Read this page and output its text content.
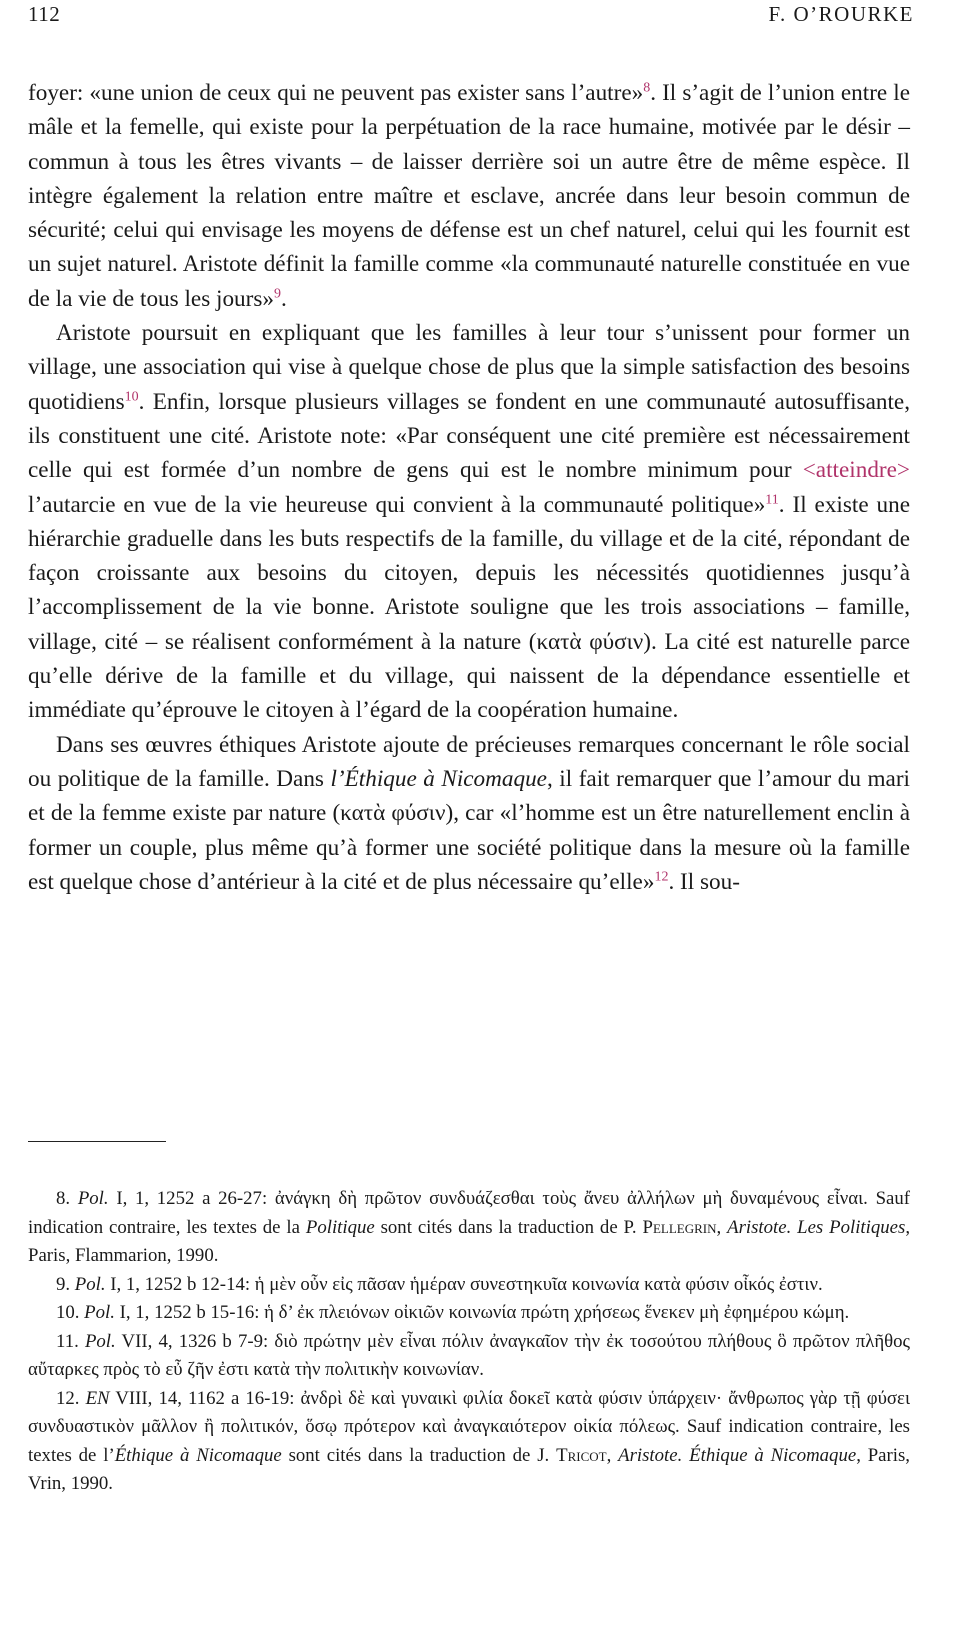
112	F. O’ROURKE

foyer: «une union de ceux qui ne peuvent pas exister sans l’autre»$^8$. Il s’agit de l’union entre le mâle et la femelle, qui existe pour la perpétuation de la race humaine, motivée par le désir – commun à tous les êtres vivants – de laisser derrière soi un autre être de même espèce. Il intègre également la relation entre maître et esclave, ancrée dans leur besoin commun de sécurité; celui qui envisage les moyens de défense est un chef naturel, celui qui les fournit est un sujet naturel. Aristote définit la famille comme «la communauté naturelle constituée en vue de la vie de tous les jours»$^9$.

Aristote poursuit en expliquant que les familles à leur tour s’unissent pour former un village, une association qui vise à quelque chose de plus que la simple satisfaction des besoins quotidiens$^{10}$. Enfin, lorsque plusieurs villages se fondent en une communauté autosuffisante, ils constituent une cité. Aristote note: «Par conséquent une cité première est nécessairement celle qui est formée d’un nombre de gens qui est le nombre minimum pour <atteindre> l’autarcie en vue de la vie heureuse qui convient à la communauté politique»$^{11}$. Il existe une hiérarchie graduelle dans les buts respectifs de la famille, du village et de la cité, répondant de façon croissante aux besoins du citoyen, depuis les nécessités quotidiennes jusqu’à l’accomplissement de la vie bonne. Aristote souligne que les trois associations – famille, village, cité – se réalisent conformément à la nature (κατὰ φύσιν). La cité est naturelle parce qu’elle dérive de la famille et du village, qui naissent de la dépendance essentielle et immédiate qu’éprouve le citoyen à l’égard de la coopération humaine.

Dans ses œuvres éthiques Aristote ajoute de précieuses remarques concernant le rôle social ou politique de la famille. Dans l’Éthique à Nicomaque, il fait remarquer que l’amour du mari et de la femme existe par nature (κατὰ φύσιν), car «l’homme est un être naturellement enclin à former un couple, plus même qu’à former une société politique dans la mesure où la famille est quelque chose d’antérieur à la cité et de plus nécessaire qu’elle»$^{12}$. Il sou-

8. Pol. I, 1, 1252 a 26-27: ἀνάγκη δὴ πρῶτον συνδυάζεσθαι τοὺς ἄνευ ἀλλήλων μὴ δυναμένους εἶναι. Sauf indication contraire, les textes de la Politique sont cités dans la traduction de P. Pellegrin, Aristote. Les Politiques, Paris, Flammarion, 1990.

9. Pol. I, 1, 1252 b 12-14: ἡ μὲν οὖν εἰς πᾶσαν ἡμέραν συνεστηκυῖα κοινωνία κατὰ φύσιν οἶκός ἐστιν.

10. Pol. I, 1, 1252 b 15-16: ἡ δ’ ἐκ πλειόνων οἰκιῶν κοινωνία πρώτη χρήσεως ἕνεκεν μὴ ἐφημέρου κώμη.

11. Pol. VII, 4, 1326 b 7-9: διὸ πρώτην μὲν εἶναι πόλιν ἀναγκαῖον τὴν ἐκ τοσούτου πλήθους ὃ πρῶτον πλῆθος αὔταρκες πρὸς τὸ εὖ ζῆν ἐστι κατὰ τὴν πολιτικὴν κοινωνίαν.

12. EN VIII, 14, 1162 a 16-19: ἀνδρὶ δὲ καὶ γυναικὶ φιλία δοκεῖ κατὰ φύσιν ὑπάρχειν· ἄνθρωπος γὰρ τῇ φύσει συνδυαστικὸν μᾶλλον ἢ πολιτικόν, ὅσῳ πρότερον καὶ ἀναγκαιότερον οἰκία πόλεως. Sauf indication contraire, les textes de l’Éthique à Nicomaque sont cités dans la traduction de J. Tricot, Aristote. Éthique à Nicomaque, Paris, Vrin, 1990.
